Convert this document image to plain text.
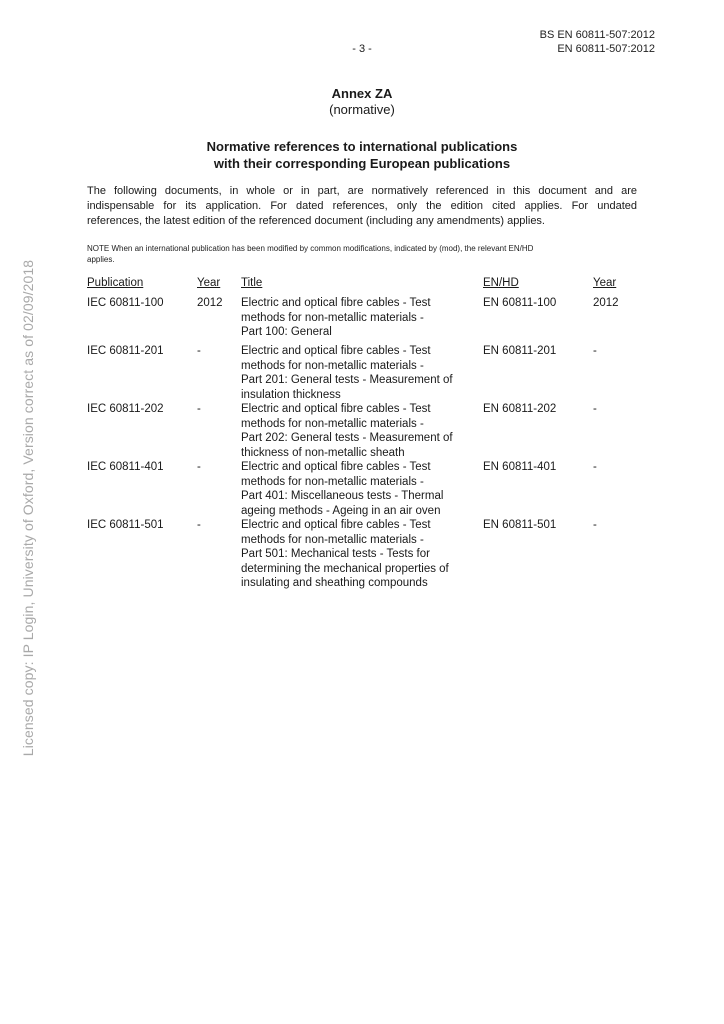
BS EN 60811-507:2012
- 3 -	EN 60811-507:2012
Annex ZA
(normative)
Normative references to international publications
with their corresponding European publications
The following documents, in whole or in part, are normatively referenced in this document and are
indispensable for its application. For dated references, only the edition cited applies. For undated
references, the latest edition of the referenced document (including any amendments) applies.
NOTE When an international publication has been modified by common modifications, indicated by (mod), the relevant EN/HD
applies.
Publication	Year Title	EN/HD	Year
IEC 60811-100	2012 Electric and optical fibre cables - Test
methods for non-metallic materials -
Part 100: General
EN 60811-100	2012
IEC 60811-201	-	Electric and optical fibre cables - Test
methods for non-metallic materials -
Part 201: General tests - Measurement of
insulation thickness
EN 60811-201	-
IEC 60811-202	-	Electric and optical fibre cables - Test
methods for non-metallic materials -
Part 202: General tests - Measurement of
thickness of non-metallic sheath
EN 60811-202	-
IEC 60811-401	-	Electric and optical fibre cables - Test
methods for non-metallic materials -
Part 401: Miscellaneous tests - Thermal
ageing methods - Ageing in an air oven
EN 60811-401	-
IEC 60811-501	-	Electric and optical fibre cables - Test
methods for non-metallic materials -
Part 501: Mechanical tests - Tests for
determining the mechanical properties of
insulating and sheathing compounds
EN 60811-501	-
Licensed copy: IP Login, University of Oxford, Version correct as of 02/09/2018
